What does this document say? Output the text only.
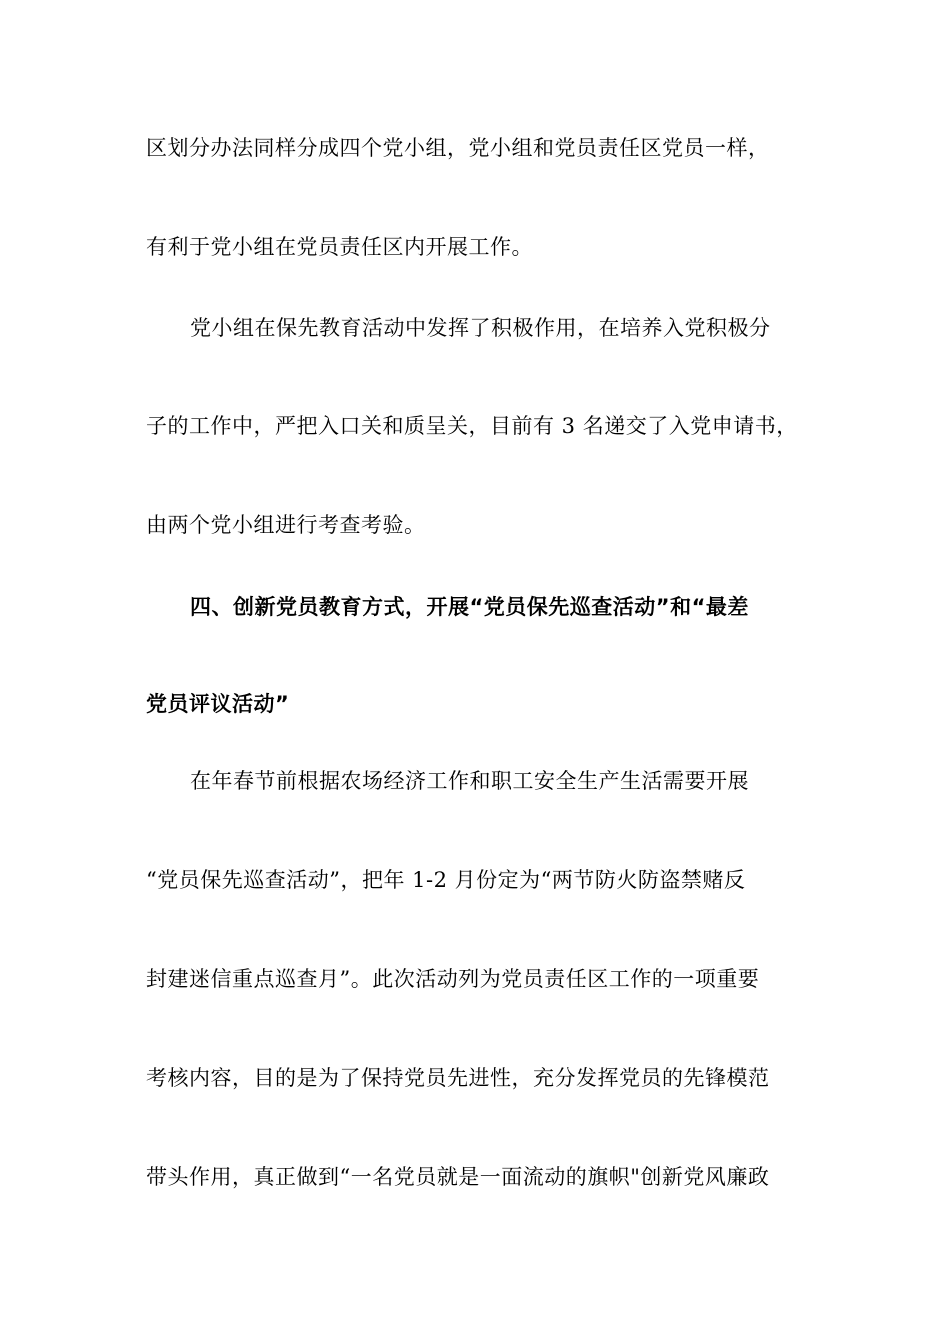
区划分办法同样分成四个党小组，党小组和党员责任区党员一样，
有利于党小组在党员责任区内开展工作。
党小组在保先教育活动中发挥了积极作用，在培养入党积极分
子的工作中，严把入口关和质呈关，目前有 3 名递交了入党申请书，
由两个党小组进行考查考验。
四、创新党员教育方式，开展“党员保先巡查活动”和“最差
党员评议活动”
在年春节前根据农场经济工作和职工安全生产生活需要开展
“党员保先巡查活动”，把年 1-2 月份定为“两节防火防盗禁赌反
封建迷信重点巡查月”。此次活动列为党员责任区工作的一项重要
考核内容，目的是为了保持党员先进性，充分发挥党员的先锋模范
带头作用，真正做到“一名党员就是一面流动的旗帜"创新党风廉政
